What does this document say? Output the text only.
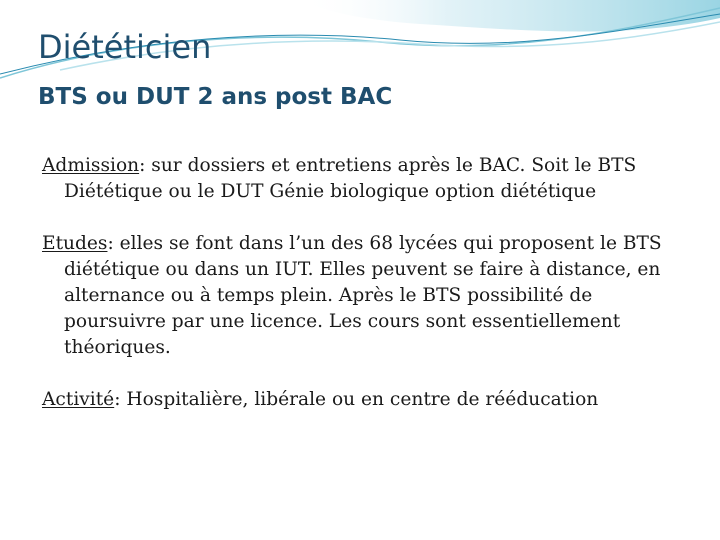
Diététicien
BTS ou DUT 2 ans post BAC

Admission: sur dossiers et entretiens après le BAC. Soit le BTS Diététique ou le DUT Génie biologique option diététique

Etudes: elles se font dans l’un des 68 lycées qui proposent le BTS diététique ou dans un IUT. Elles peuvent se faire à distance, en alternance ou à temps plein. Après le BTS possibilité de poursuivre par une licence. Les cours sont essentiellement théoriques.

Activité: Hospitalière, libérale ou en centre de rééducation
